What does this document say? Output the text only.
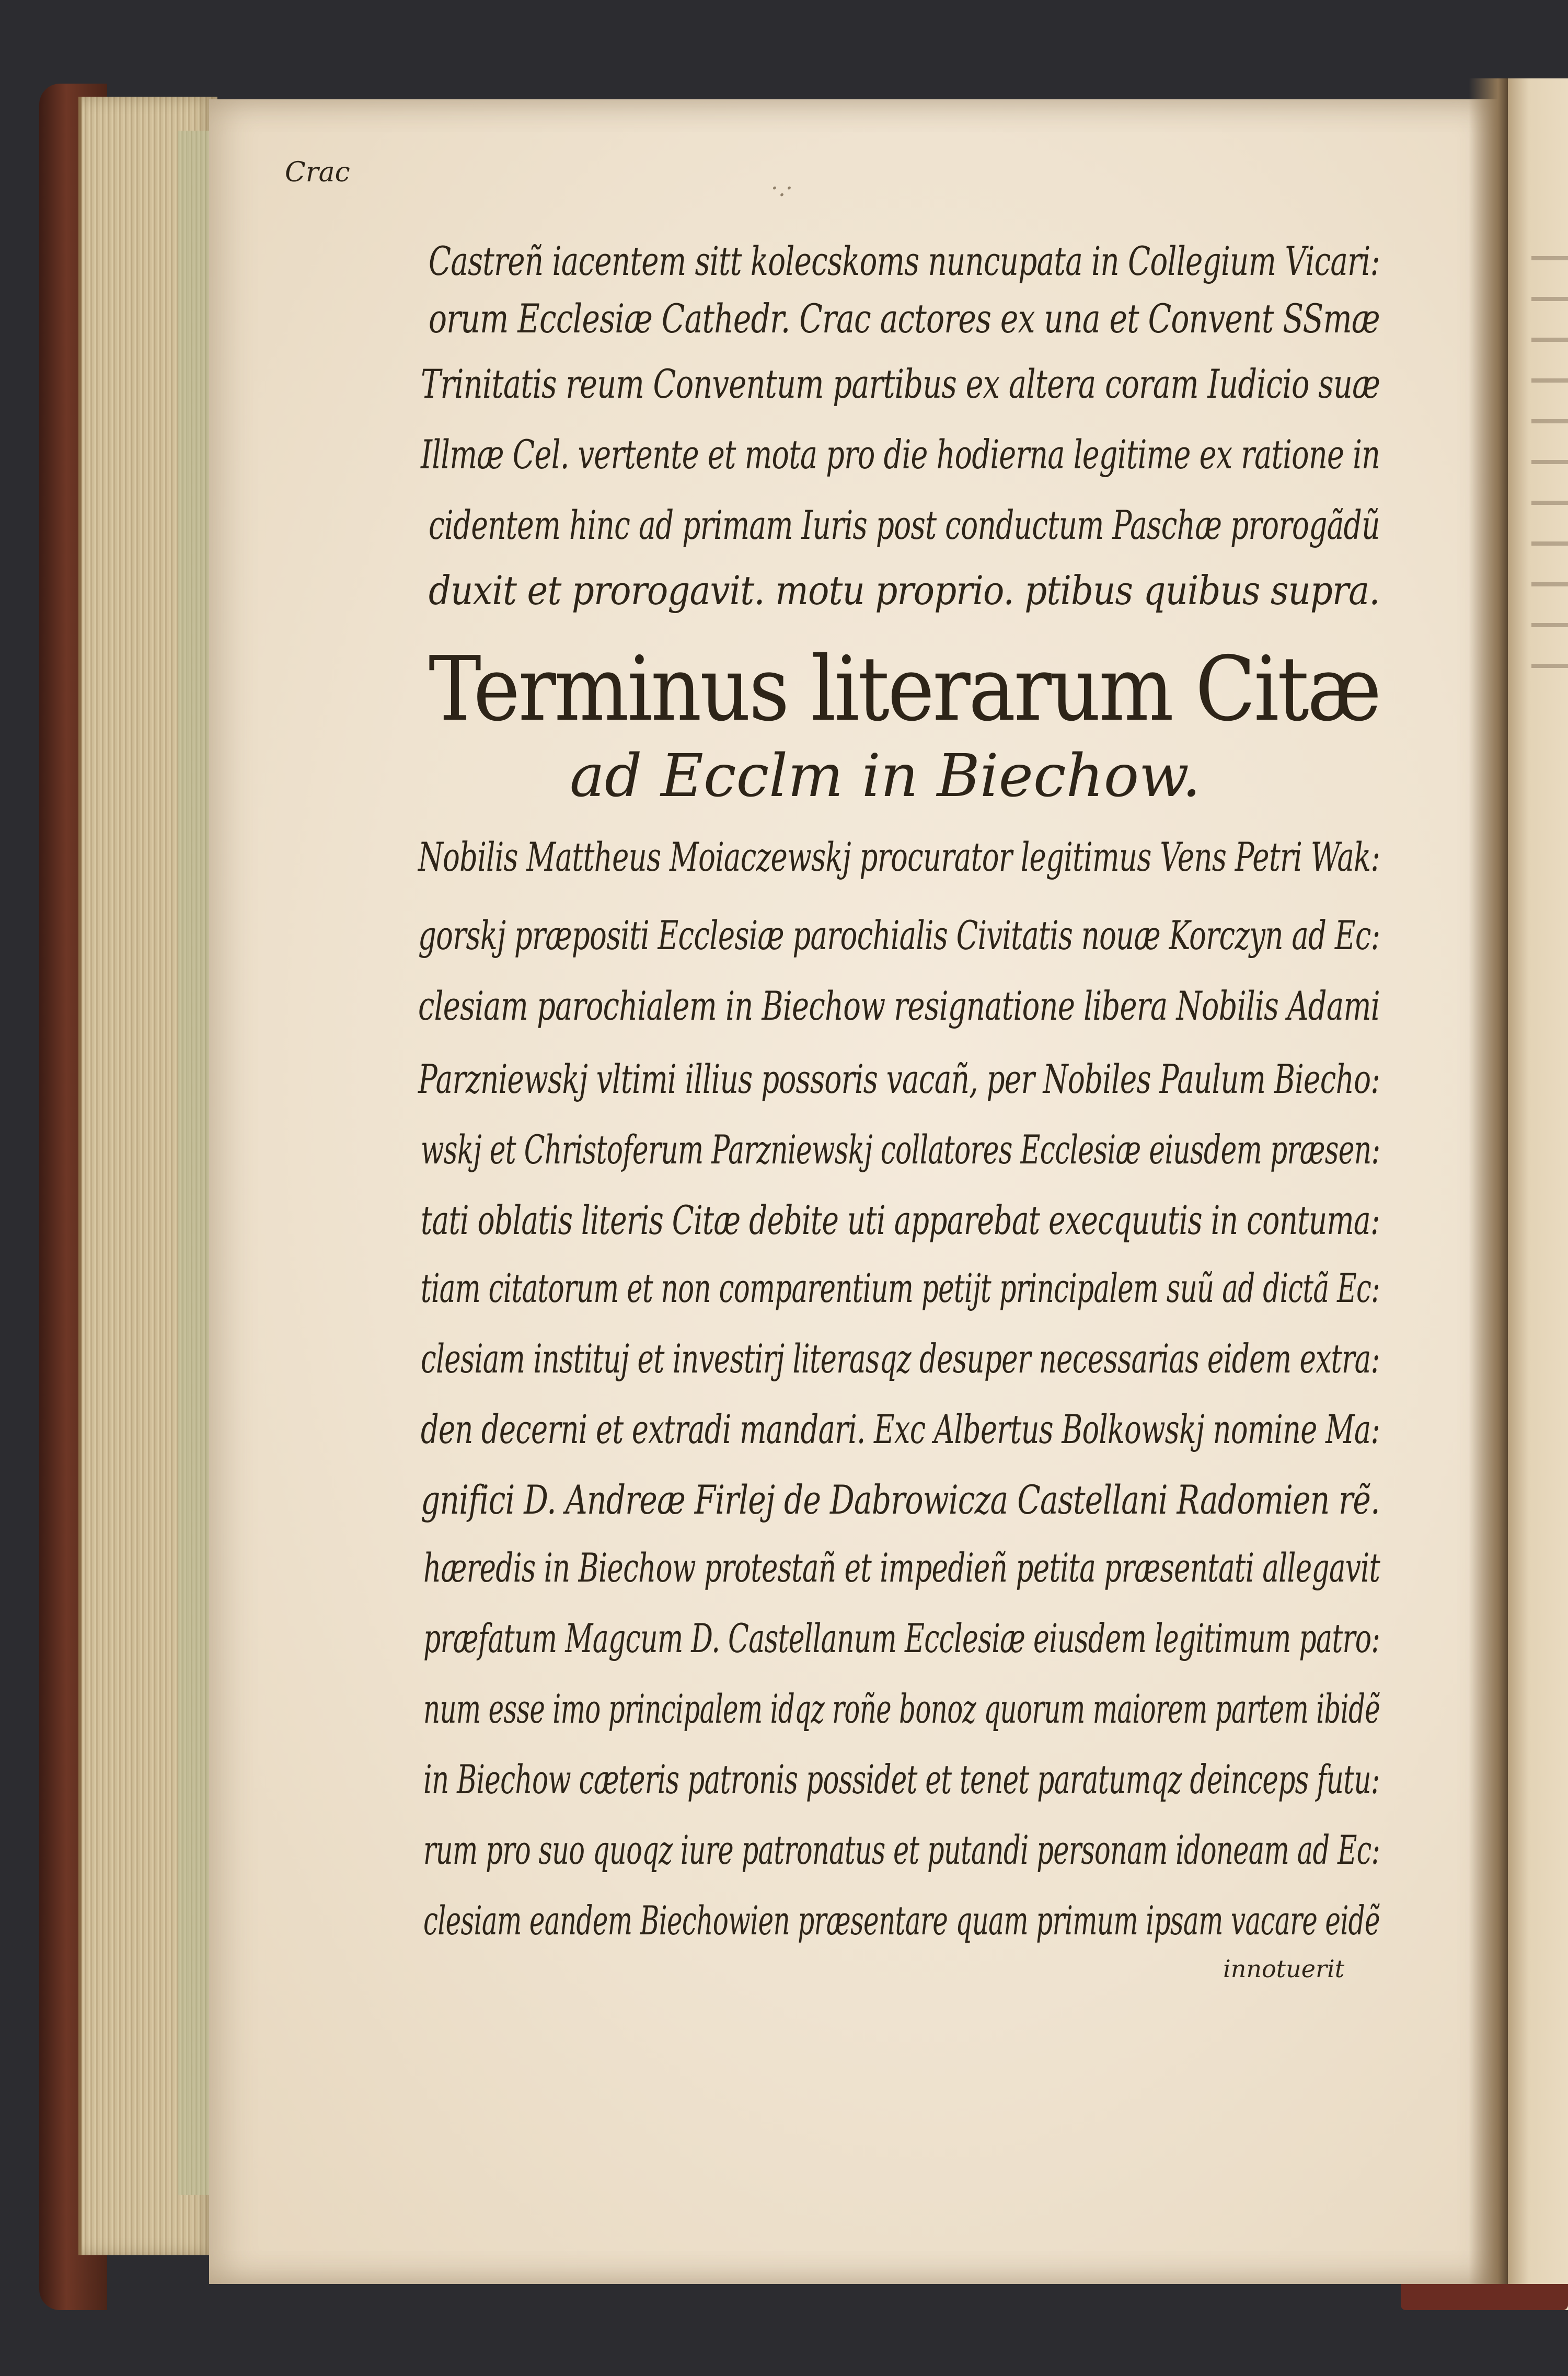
Crac

·.·

Castreñ iacentem sitt kolecskoms nuncupata in Collegium Vicari:

orum Ecclesiæ Cathedr. Crac actores ex una et Convent SSmæ

Trinitatis reum Conventum partibus ex altera coram Iudicio suæ

Illmæ Cel. vertente et mota pro die hodierna legitime ex ratione in

cidentem hinc ad primam Iuris post conductum Paschæ prorogãdũ

duxit et prorogavit. motu proprio. ptibus quibus supra.

Terminus literarum Citæ

ad Ecclm in Biechow.

Nobilis Mattheus Moiaczewskj procurator legitimus Vens Petri Wak:

gorskj præpositi Ecclesiæ parochialis Civitatis nouæ Korczyn ad Ec:

clesiam parochialem in Biechow resignatione libera Nobilis Adami

Parzniewskj vltimi illius possoris vacañ, per Nobiles Paulum Biecho:

wskj et Christoferum Parzniewskj collatores Ecclesiæ eiusdem præsen:

tati oblatis literis Citæ debite uti apparebat execquutis in contuma:

tiam citatorum et non comparentium petijt principalem suũ ad dictã Ec:

clesiam instituj et investirj literasqz desuper necessarias eidem extra:

den decerni et extradi mandari. Exc Albertus Bolkowskj nomine Ma:

gnifici D. Andreæ Firlej de Dabrowicza Castellani Radomien rẽ.

hæredis in Biechow protestañ et impedieñ petita præsentati allegavit

præfatum Magcum D. Castellanum Ecclesiæ eiusdem legitimum patro:

num esse imo principalem idqz roñe bonoz quorum maiorem partem ibidẽ

in Biechow cæteris patronis possidet et tenet paratumqz deinceps futu:

rum pro suo quoqz iure patronatus et putandi personam idoneam ad Ec:

clesiam eandem Biechowien præsentare quam primum ipsam vacare eidẽ

innotuerit
